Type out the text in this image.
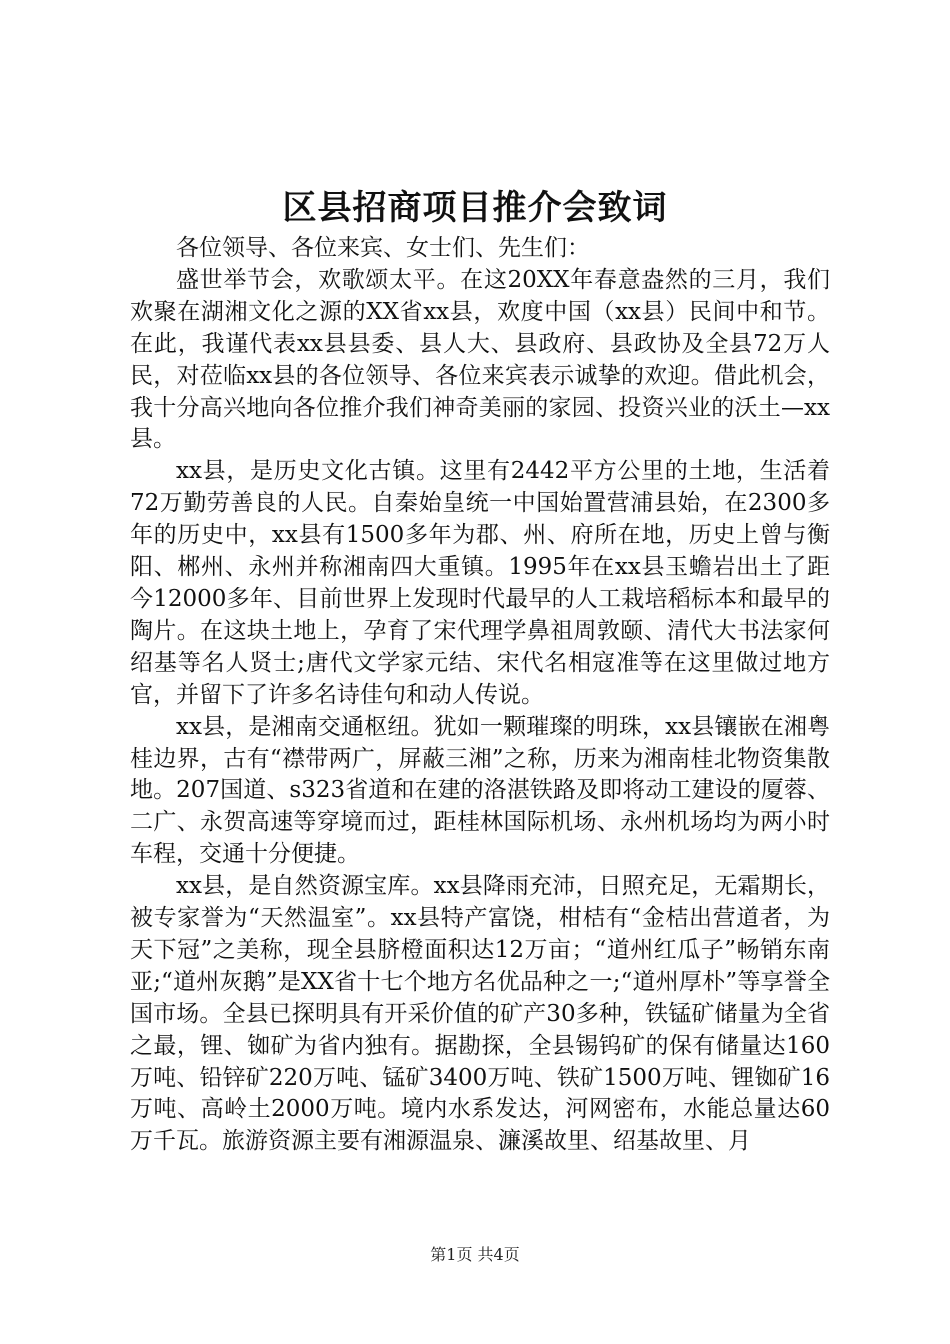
区县招商项目推介会致词

各位领导、各位来宾、女士们、先生们：

盛世举节会，欢歌颂太平。在这20XX年春意盎然的三月，我们欢聚在湖湘文化之源的XX省xx县，欢度中国（xx县）民间中和节。在此，我谨代表xx县县委、县人大、县政府、县政协及全县72万人民，对莅临xx县的各位领导、各位来宾表示诚挚的欢迎。借此机会，我十分高兴地向各位推介我们神奇美丽的家园、投资兴业的沃土—xx县。

xx县，是历史文化古镇。这里有2442平方公里的土地，生活着72万勤劳善良的人民。自秦始皇统一中国始置营浦县始，在2300多年的历史中，xx县有1500多年为郡、州、府所在地，历史上曾与衡阳、郴州、永州并称湘南四大重镇。1995年在xx县玉蟾岩出土了距今12000多年、目前世界上发现时代最早的人工栽培稻标本和最早的陶片。在这块土地上，孕育了宋代理学鼻祖周敦颐、清代大书法家何绍基等名人贤士;唐代文学家元结、宋代名相寇准等在这里做过地方官，并留下了许多名诗佳句和动人传说。

xx县，是湘南交通枢纽。犹如一颗璀璨的明珠，xx县镶嵌在湘粤桂边界，古有“襟带两广，屏蔽三湘”之称，历来为湘南桂北物资集散地。207国道、s323省道和在建的洛湛铁路及即将动工建设的厦蓉、二广、永贺高速等穿境而过，距桂林国际机场、永州机场均为两小时车程，交通十分便捷。

xx县，是自然资源宝库。xx县降雨充沛，日照充足，无霜期长，被专家誉为“天然温室”。xx县特产富饶，柑桔有“金桔出营道者，为天下冠”之美称，现全县脐橙面积达12万亩；“道州红瓜子”畅销东南亚;“道州灰鹅”是XX省十七个地方名优品种之一;“道州厚朴”等享誉全国市场。全县已探明具有开采价值的矿产30多种，铁锰矿储量为全省之最，锂、铷矿为省内独有。据勘探，全县锡钨矿的保有储量达160万吨、铅锌矿220万吨、锰矿3400万吨、铁矿1500万吨、锂铷矿16万吨、高岭土2000万吨。境内水系发达，河网密布，水能总量达60万千瓦。旅游资源主要有湘源温泉、濂溪故里、绍基故里、月

第1页 共4页
